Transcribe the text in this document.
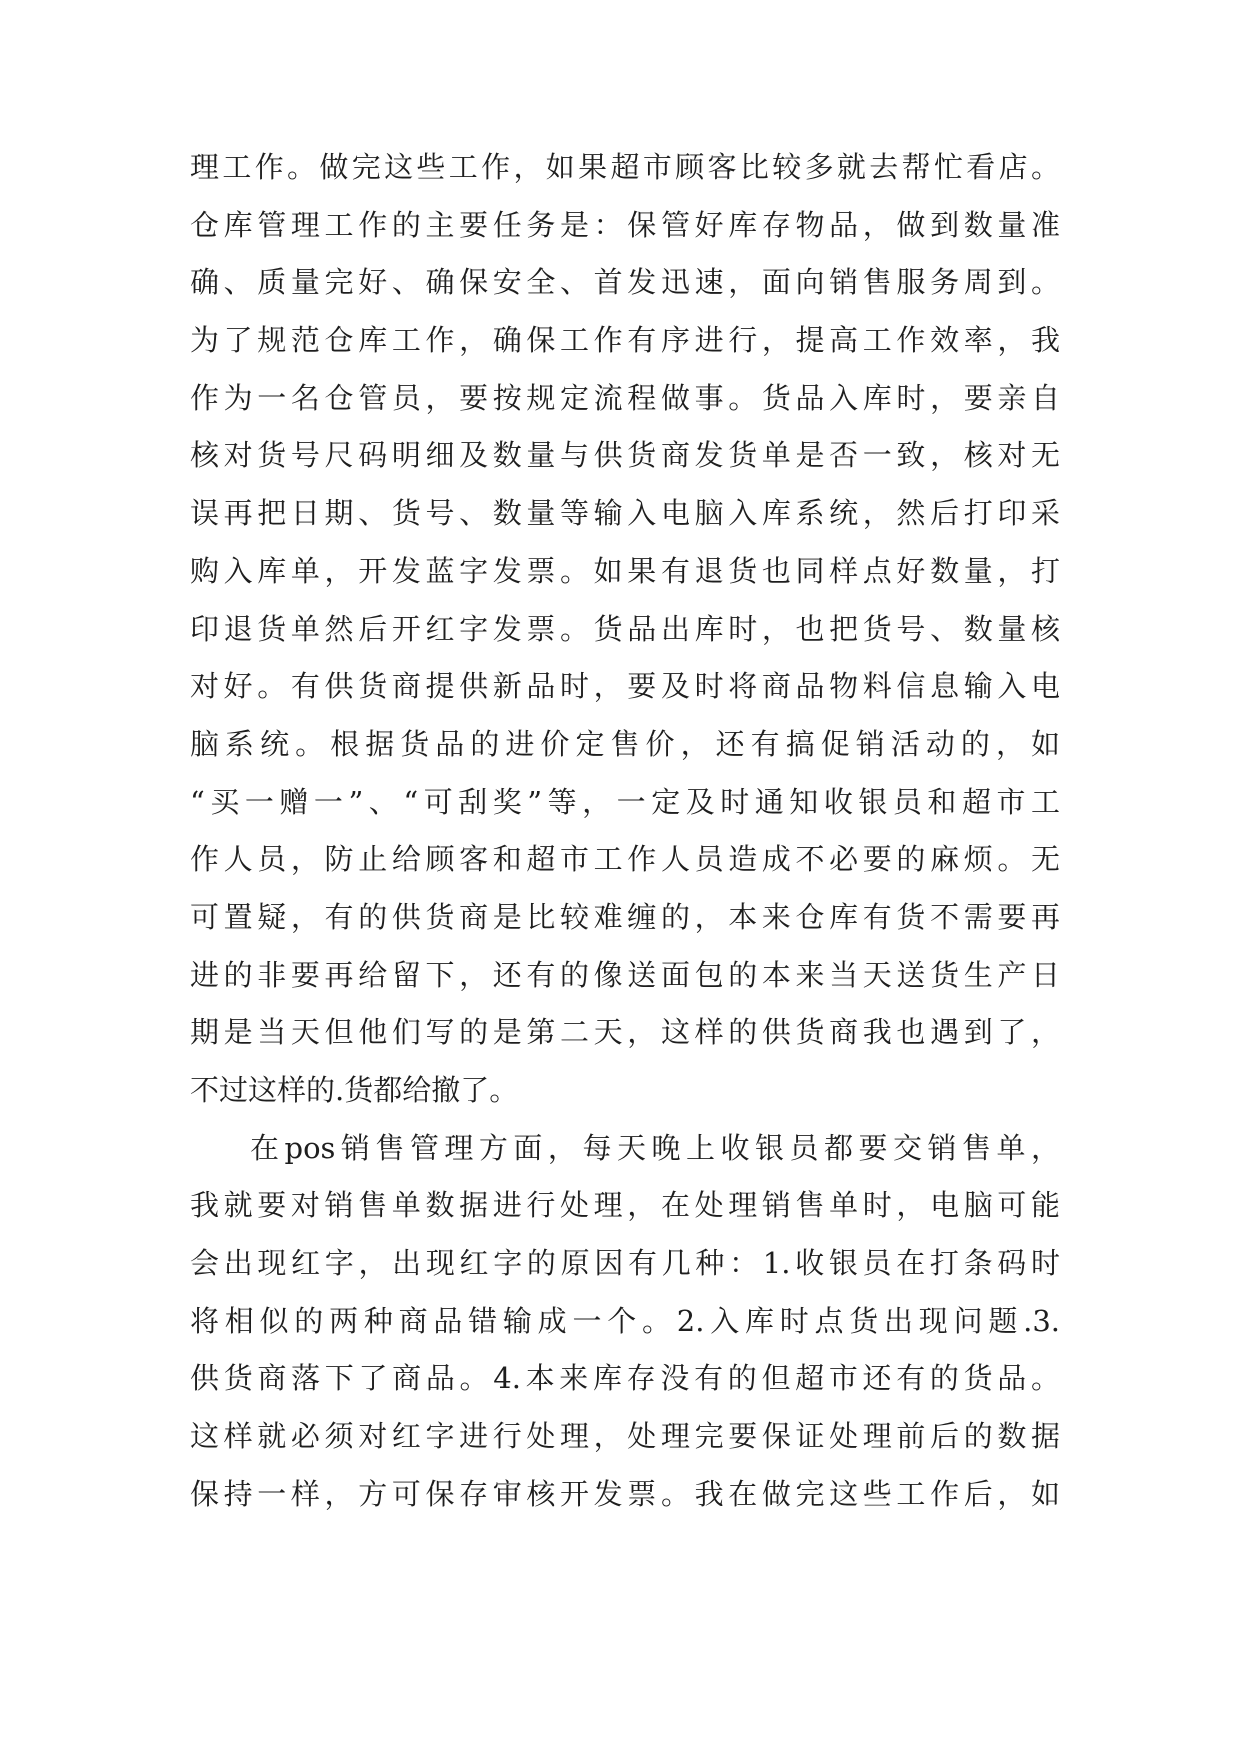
理工作。做完这些工作，如果超市顾客比较多就去帮忙看店。
仓库管理工作的主要任务是：保管好库存物品，做到数量准
确、质量完好、确保安全、首发迅速，面向销售服务周到。
为了规范仓库工作，确保工作有序进行，提高工作效率，我
作为一名仓管员，要按规定流程做事。货品入库时，要亲自
核对货号尺码明细及数量与供货商发货单是否一致，核对无
误再把日期、货号、数量等输入电脑入库系统，然后打印采
购入库单，开发蓝字发票。如果有退货也同样点好数量，打
印退货单然后开红字发票。货品出库时，也把货号、数量核
对好。有供货商提供新品时，要及时将商品物料信息输入电
脑系统。根据货品的进价定售价，还有搞促销活动的，如
“买一赠一”、“可刮奖”等，一定及时通知收银员和超市工
作人员，防止给顾客和超市工作人员造成不必要的麻烦。无
可置疑，有的供货商是比较难缠的，本来仓库有货不需要再
进的非要再给留下，还有的像送面包的本来当天送货生产日
期是当天但他们写的是第二天，这样的供货商我也遇到了，
不过这样的.货都给撤了。
在pos销售管理方面，每天晚上收银员都要交销售单，
我就要对销售单数据进行处理，在处理销售单时，电脑可能
会出现红字，出现红字的原因有几种：1.收银员在打条码时
将相似的两种商品错输成一个。2.入库时点货出现问题.3.
供货商落下了商品。4.本来库存没有的但超市还有的货品。
这样就必须对红字进行处理，处理完要保证处理前后的数据
保持一样，方可保存审核开发票。我在做完这些工作后，如
